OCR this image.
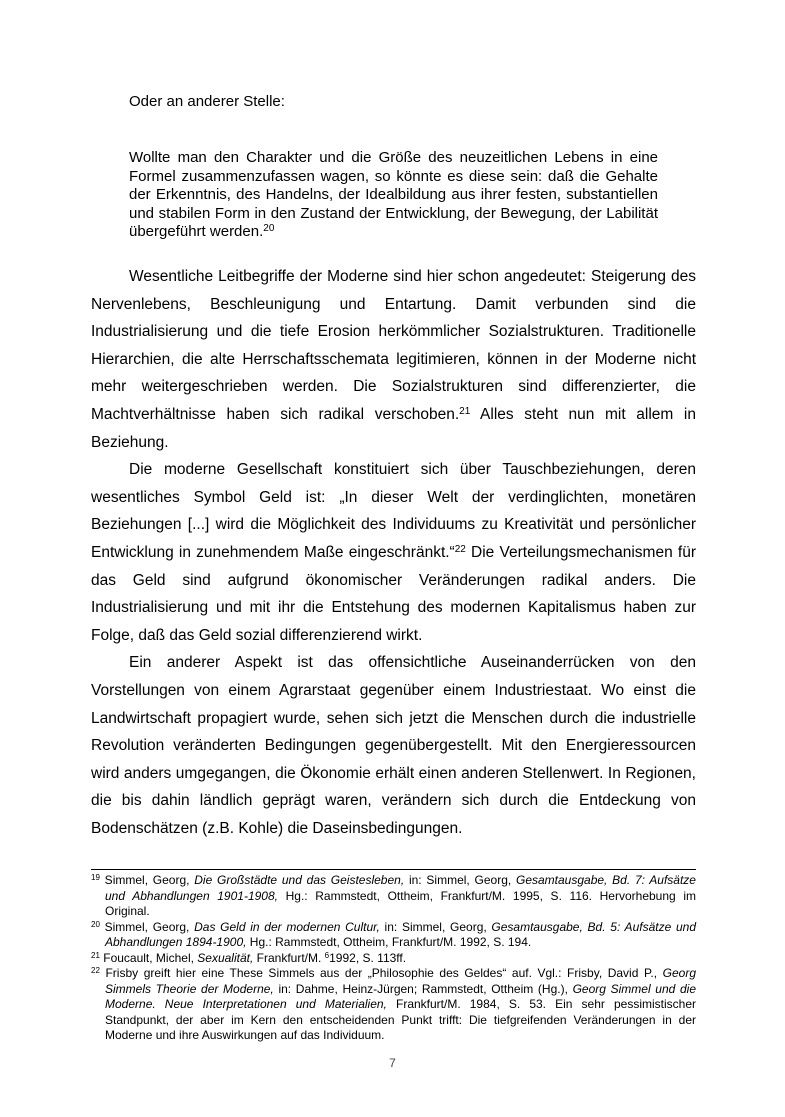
Oder an anderer Stelle:

Wollte man den Charakter und die Größe des neuzeitlichen Lebens in eine Formel zusammenzufassen wagen, so könnte es diese sein: daß die Gehalte der Erkenntnis, des Handelns, der Idealbildung aus ihrer festen, substantiellen und stabilen Form in den Zustand der Entwicklung, der Bewegung, der Labilität übergeführt werden.$^{20}$

Wesentliche Leitbegriffe der Moderne sind hier schon angedeutet: Steigerung des Nervenlebens, Beschleunigung und Entartung. Damit verbunden sind die Industrialisierung und die tiefe Erosion herkömmlicher Sozialstrukturen. Traditionelle Hierarchien, die alte Herrschaftsschemata legitimieren, können in der Moderne nicht mehr weitergeschrieben werden. Die Sozialstrukturen sind differenzierter, die Machtverhältnisse haben sich radikal verschoben.$^{21}$ Alles steht nun mit allem in Beziehung.

Die moderne Gesellschaft konstituiert sich über Tauschbeziehungen, deren wesentliches Symbol Geld ist: „In dieser Welt der verdinglichten, monetären Beziehungen [...] wird die Möglichkeit des Individuums zu Kreativität und persönlicher Entwicklung in zunehmendem Maße eingeschränkt.“$^{22}$ Die Verteilungsmechanismen für das Geld sind aufgrund ökonomischer Veränderungen radikal anders. Die Industrialisierung und mit ihr die Entstehung des modernen Kapitalismus haben zur Folge, daß das Geld sozial differenzierend wirkt.

Ein anderer Aspekt ist das offensichtliche Auseinanderrücken von den Vorstellungen von einem Agrarstaat gegenüber einem Industriestaat. Wo einst die Landwirtschaft propagiert wurde, sehen sich jetzt die Menschen durch die industrielle Revolution veränderten Bedingungen gegenübergestellt. Mit den Energieressourcen wird anders umgegangen, die Ökonomie erhält einen anderen Stellenwert. In Regionen, die bis dahin ländlich geprägt waren, verändern sich durch die Entdeckung von Bodenschätzen (z.B. Kohle) die Daseinsbedingungen.

$^{19}$ Simmel, Georg, Die Großstädte und das Geistesleben, in: Simmel, Georg, Gesamtausgabe, Bd. 7: Aufsätze und Abhandlungen 1901-1908, Hg.: Rammstedt, Ottheim, Frankfurt/M. 1995, S. 116. Hervorhebung im Original.

$^{20}$ Simmel, Georg, Das Geld in der modernen Cultur, in: Simmel, Georg, Gesamtausgabe, Bd. 5: Aufsätze und Abhandlungen 1894-1900, Hg.: Rammstedt, Ottheim, Frankfurt/M. 1992, S. 194.

$^{21}$ Foucault, Michel, Sexualität, Frankfurt/M. $^6$1992, S. 113ff.

$^{22}$ Frisby greift hier eine These Simmels aus der „Philosophie des Geldes“ auf. Vgl.: Frisby, David P., Georg Simmels Theorie der Moderne, in: Dahme, Heinz-Jürgen; Rammstedt, Ottheim (Hg.), Georg Simmel und die Moderne. Neue Interpretationen und Materialien, Frankfurt/M. 1984, S. 53. Ein sehr pessimistischer Standpunkt, der aber im Kern den entscheidenden Punkt trifft: Die tiefgreifenden Veränderungen in der Moderne und ihre Auswirkungen auf das Individuum.

7
